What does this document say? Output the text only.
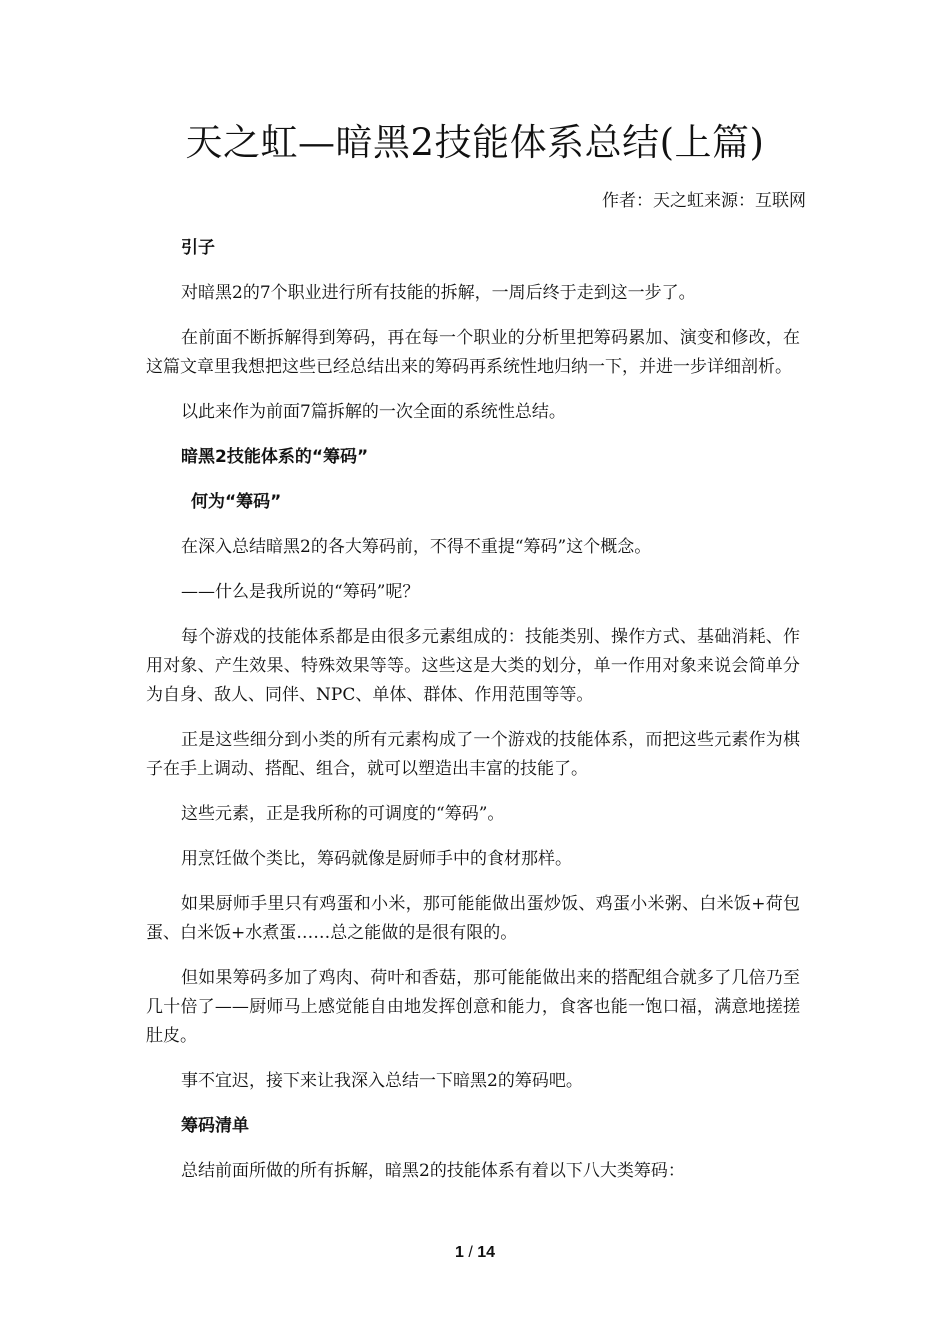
天之虹—暗黑2技能体系总结(上篇)
作者：天之虹来源：互联网

引子

对暗黑2的7个职业进行所有技能的拆解，一周后终于走到这一步了。

在前面不断拆解得到筹码，再在每一个职业的分析里把筹码累加、演变和修改，在这篇文章里我想把这些已经总结出来的筹码再系统性地归纳一下，并进一步详细剖析。

以此来作为前面7篇拆解的一次全面的系统性总结。

暗黑2技能体系的“筹码”

何为“筹码”

在深入总结暗黑2的各大筹码前，不得不重提“筹码”这个概念。

——什么是我所说的“筹码”呢？

每个游戏的技能体系都是由很多元素组成的：技能类别、操作方式、基础消耗、作用对象、产生效果、特殊效果等等。这些这是大类的划分，单一作用对象来说会简单分为自身、敌人、同伴、NPC、单体、群体、作用范围等等。

正是这些细分到小类的所有元素构成了一个游戏的技能体系，而把这些元素作为棋子在手上调动、搭配、组合，就可以塑造出丰富的技能了。

这些元素，正是我所称的可调度的“筹码”。

用烹饪做个类比，筹码就像是厨师手中的食材那样。

如果厨师手里只有鸡蛋和小米，那可能能做出蛋炒饭、鸡蛋小米粥、白米饭+荷包蛋、白米饭+水煮蛋……总之能做的是很有限的。

但如果筹码多加了鸡肉、荷叶和香菇，那可能能做出来的搭配组合就多了几倍乃至几十倍了——厨师马上感觉能自由地发挥创意和能力，食客也能一饱口福，满意地搓搓肚皮。

事不宜迟，接下来让我深入总结一下暗黑2的筹码吧。

筹码清单

总结前面所做的所有拆解，暗黑2的技能体系有着以下八大类筹码：

1 / 14
